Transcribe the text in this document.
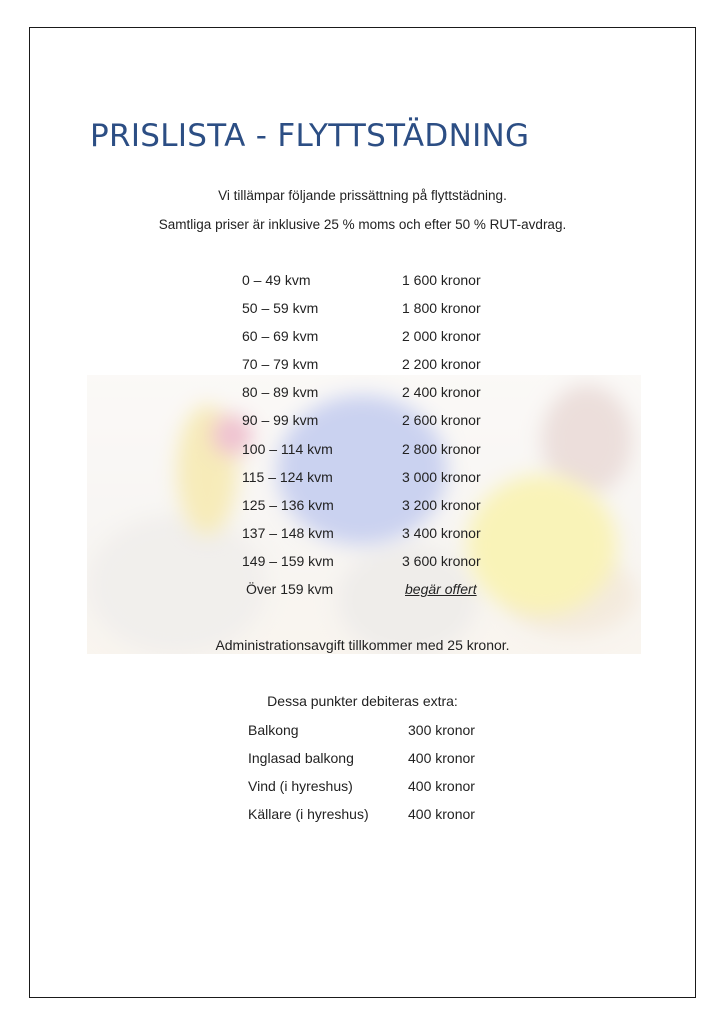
PRISLISTA - FLYTTSTÄDNING
Vi tillämpar följande prissättning på flyttstädning.
Samtliga priser är inklusive 25 % moms och efter 50 % RUT-avdrag.
0 – 49 kvm	1 600 kronor
50 – 59 kvm	1 800 kronor
60 – 69 kvm	2 000 kronor
70 – 79 kvm	2 200 kronor
80 – 89 kvm	2 400 kronor
90 – 99 kvm	2 600 kronor
100 – 114 kvm	2 800 kronor
115 – 124 kvm	3 000 kronor
125 – 136 kvm	3 200 kronor
137 – 148 kvm	3 400 kronor
149 – 159 kvm	3 600 kronor
Över 159 kvm	begär offert
Administrationsavgift tillkommer med 25 kronor.
Dessa punkter debiteras extra:
Balkong	300 kronor
Inglasad balkong	400 kronor
Vind (i hyreshus)	400 kronor
Källare (i hyreshus)	400 kronor
